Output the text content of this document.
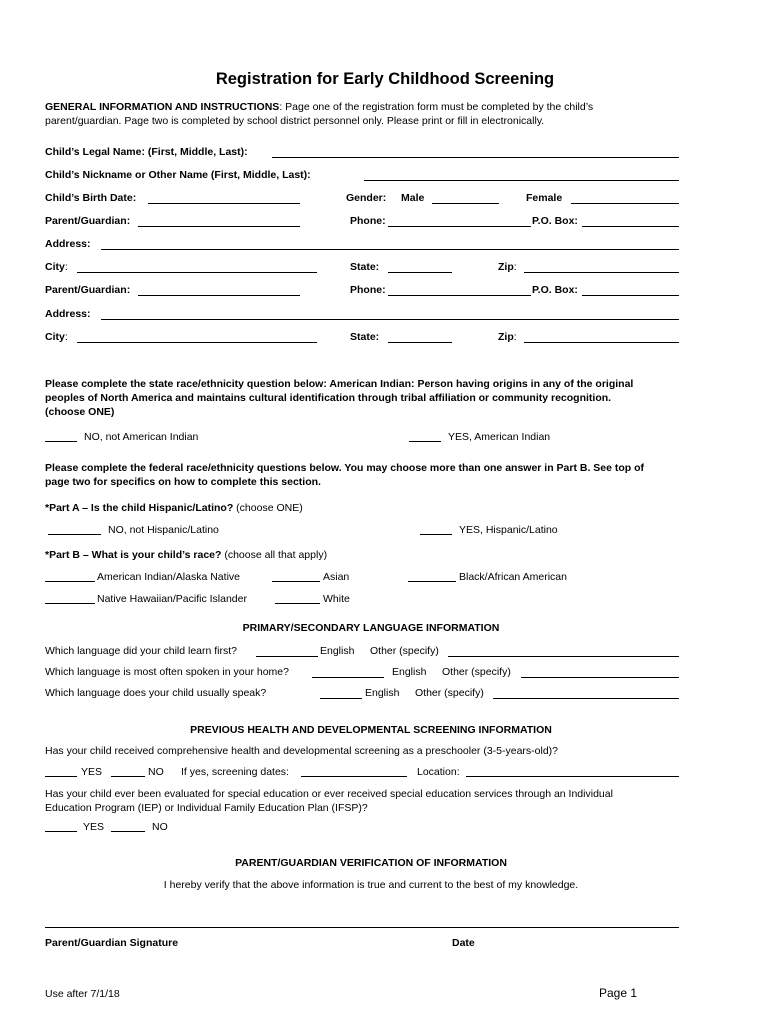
Registration for Early Childhood Screening
GENERAL INFORMATION AND INSTRUCTIONS: Page one of the registration form must be completed by the child’s
parent/guardian. Page two is completed by school district personnel only. Please print or fill in electronically.
Child’s Legal Name: (First, Middle, Last):
Child’s Nickname or Other Name (First, Middle, Last):
Child’s Birth Date:	Gender: Male	Female
Parent/Guardian:	Phone:	P.O. Box:
Address:
City:	State:	Zip:
Parent/Guardian:	Phone:	P.O. Box:
Address:
City:	State:	Zip:
Please complete the state race/ethnicity question below: American Indian: Person having origins in any of the original
peoples of North America and maintains cultural identification through tribal affiliation or community recognition.
(choose ONE)
NO, not American Indian	YES, American Indian
Please complete the federal race/ethnicity questions below. You may choose more than one answer in Part B. See top of
page two for specifics on how to complete this section.
*Part A – Is the child Hispanic/Latino? (choose ONE)
NO, not Hispanic/Latino	YES, Hispanic/Latino
*Part B – What is your child’s race? (choose all that apply)
American Indian/Alaska Native	Asian	Black/African American
Native Hawaiian/Pacific Islander	White
PRIMARY/SECONDARY LANGUAGE INFORMATION
Which language did your child learn first?	English Other (specify)
Which language is most often spoken in your home?	English Other (specify)
Which language does your child usually speak?	English Other (specify)
PREVIOUS HEALTH AND DEVELOPMENTAL SCREENING INFORMATION
Has your child received comprehensive health and developmental screening as a preschooler (3-5-years-old)?
YES	NO If yes, screening dates:	Location:
Has your child ever been evaluated for special education or ever received special education services through an Individual
Education Program (IEP) or Individual Family Education Plan (IFSP)?
YES	NO
PARENT/GUARDIAN VERIFICATION OF INFORMATION
I hereby verify that the above information is true and current to the best of my knowledge.
Parent/Guardian Signature	Date
Use after 7/1/18	Page 1
